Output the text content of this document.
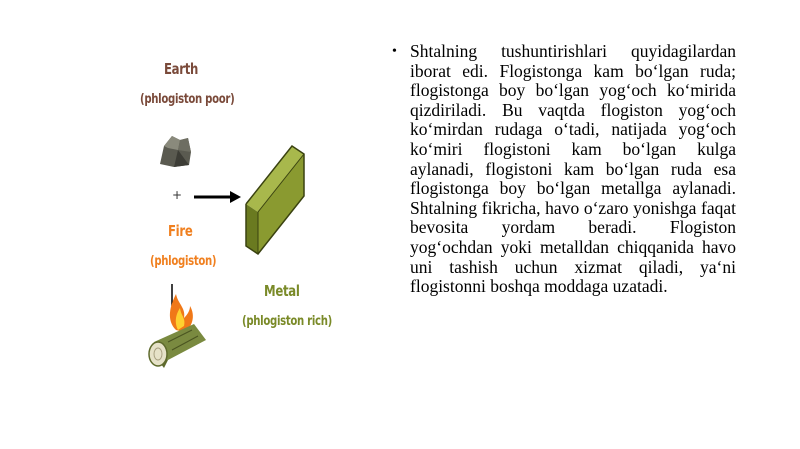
Earth
(phlogiston poor)
+
Fire
(phlogiston)
Metal
(phlogiston rich)
• Shtalning tushuntirishlari quyidagilardan iborat edi. Flogistonga kam bo‘lgan ruda; flogistonga boy bo‘lgan yog‘och ko‘mirida qizdiriladi. Bu vaqtda flogiston yog‘och ko‘mirdan rudaga o‘tadi, natijada yog‘och ko‘miri flogistoni kam bo‘lgan kulga aylanadi, flogistoni kam bo‘lgan ruda esa flogistonga boy bo‘lgan metallga aylanadi. Shtalning fikricha, havo o‘zaro yonishga faqat bevosita yordam beradi. Flogiston yog‘ochdan yoki metalldan chiqqanida havo uni tashish uchun xizmat qiladi, ya‘ni flogistonni boshqa moddaga uzatadi.
